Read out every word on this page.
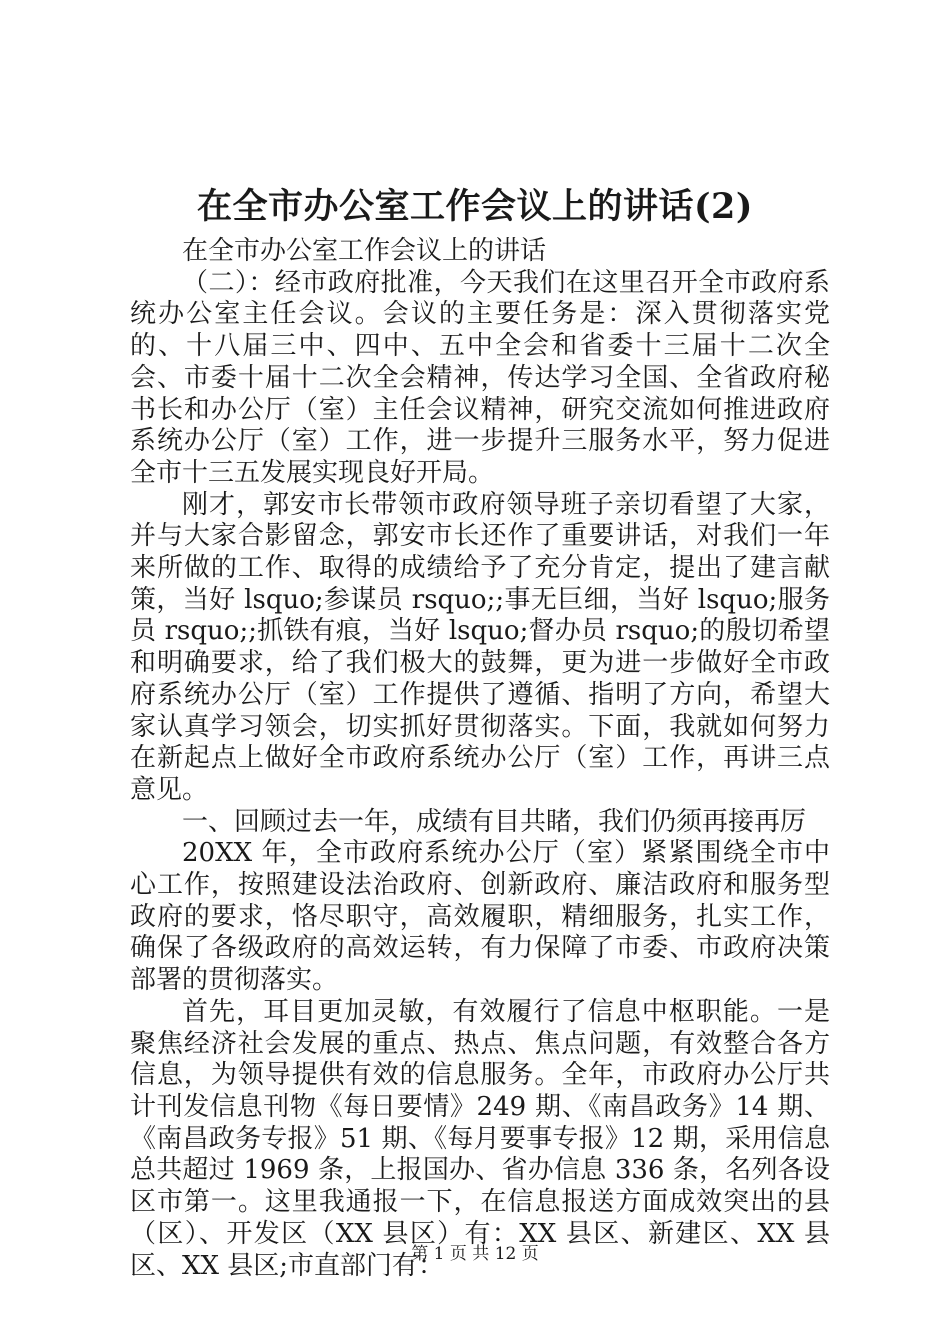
在全市办公室工作会议上的讲话(2)

在全市办公室工作会议上的讲话

（二）：经市政府批准，今天我们在这里召开全市政府系统办公室主任会议。会议的主要任务是：深入贯彻落实党的、十八届三中、四中、五中全会和省委十三届十二次全会、市委十届十二次全会精神，传达学习全国、全省政府秘书长和办公厅（室）主任会议精神，研究交流如何推进政府系统办公厅（室）工作，进一步提升三服务水平，努力促进全市十三五发展实现良好开局。

刚才，郭安市长带领市政府领导班子亲切看望了大家，并与大家合影留念，郭安市长还作了重要讲话，对我们一年来所做的工作、取得的成绩给予了充分肯定，提出了建言献策，当好 lsquo;参谋员 rsquo;;事无巨细，当好 lsquo;服务员 rsquo;;抓铁有痕，当好 lsquo;督办员 rsquo;的殷切希望和明确要求，给了我们极大的鼓舞，更为进一步做好全市政府系统办公厅（室）工作提供了遵循、指明了方向，希望大家认真学习领会，切实抓好贯彻落实。下面，我就如何努力在新起点上做好全市政府系统办公厅（室）工作，再讲三点意见。

一、回顾过去一年，成绩有目共睹，我们仍须再接再厉

20XX 年，全市政府系统办公厅（室）紧紧围绕全市中心工作，按照建设法治政府、创新政府、廉洁政府和服务型政府的要求，恪尽职守，高效履职，精细服务，扎实工作，确保了各级政府的高效运转，有力保障了市委、市政府决策部署的贯彻落实。

首先，耳目更加灵敏，有效履行了信息中枢职能。一是聚焦经济社会发展的重点、热点、焦点问题，有效整合各方信息，为领导提供有效的信息服务。全年，市政府办公厅共计刊发信息刊物《每日要情》249 期、《南昌政务》14 期、《南昌政务专报》51 期、《每月要事专报》12 期，采用信息总共超过 1969 条，上报国办、省办信息 336 条，名列各设区市第一。这里我通报一下，在信息报送方面成效突出的县（区）、开发区（XX 县区）有：XX 县区、新建区、XX 县区、XX 县区;市直部门有：

第 1 页 共 12 页
